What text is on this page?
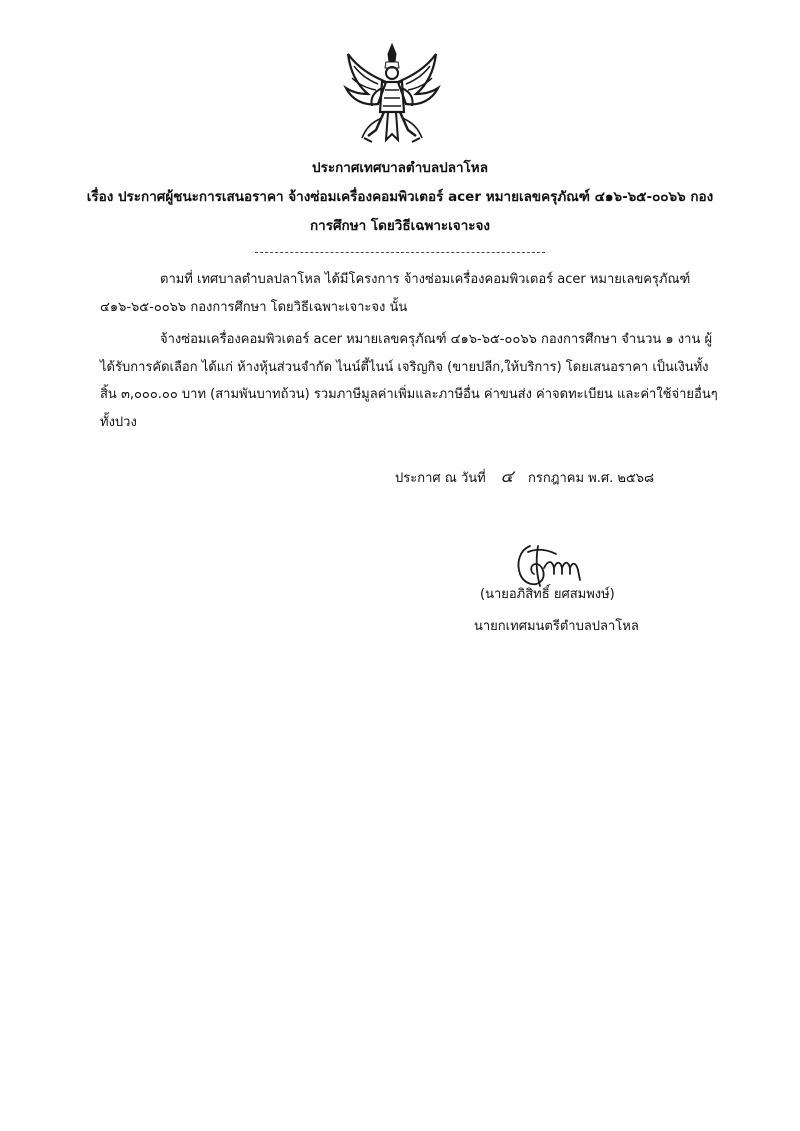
ประกาศเทศบาลตำบลปลาโหล
เรื่อง ประกาศผู้ชนะการเสนอราคา จ้างซ่อมเครื่องคอมพิวเตอร์ acer หมายเลขครุภัณฑ์ ๔๑๖-๖๕-๐๐๖๖ กอง
การศึกษา โดยวิธีเฉพาะเจาะจง
ตามที่ เทศบาลตำบลปลาโหล ได้มีโครงการ จ้างซ่อมเครื่องคอมพิวเตอร์ acer หมายเลขครุภัณฑ์
๔๑๖-๖๕-๐๐๖๖ กองการศึกษา โดยวิธีเฉพาะเจาะจง นั้น
จ้างซ่อมเครื่องคอมพิวเตอร์ acer หมายเลขครุภัณฑ์ ๔๑๖-๖๕-๐๐๖๖ กองการศึกษา จำนวน ๑ งาน ผู้
ได้รับการคัดเลือก ได้แก่ ห้างหุ้นส่วนจำกัด ไนน์ตี้ไนน์ เจริญกิจ (ขายปลีก,ให้บริการ) โดยเสนอราคา เป็นเงินทั้ง
สิ้น ๓,๐๐๐.๐๐ บาท (สามพันบาทถ้วน) รวมภาษีมูลค่าเพิ่มและภาษีอื่น ค่าขนส่ง ค่าจดทะเบียน และค่าใช้จ่ายอื่นๆ
ทั้งปวง
ประกาศ ณ วันที่ ๔ กรกฎาคม พ.ศ. ๒๕๖๘
(นายอภิสิทธิ์ ยศสมพงษ์)
นายกเทศมนตรีตำบลปลาโหล
